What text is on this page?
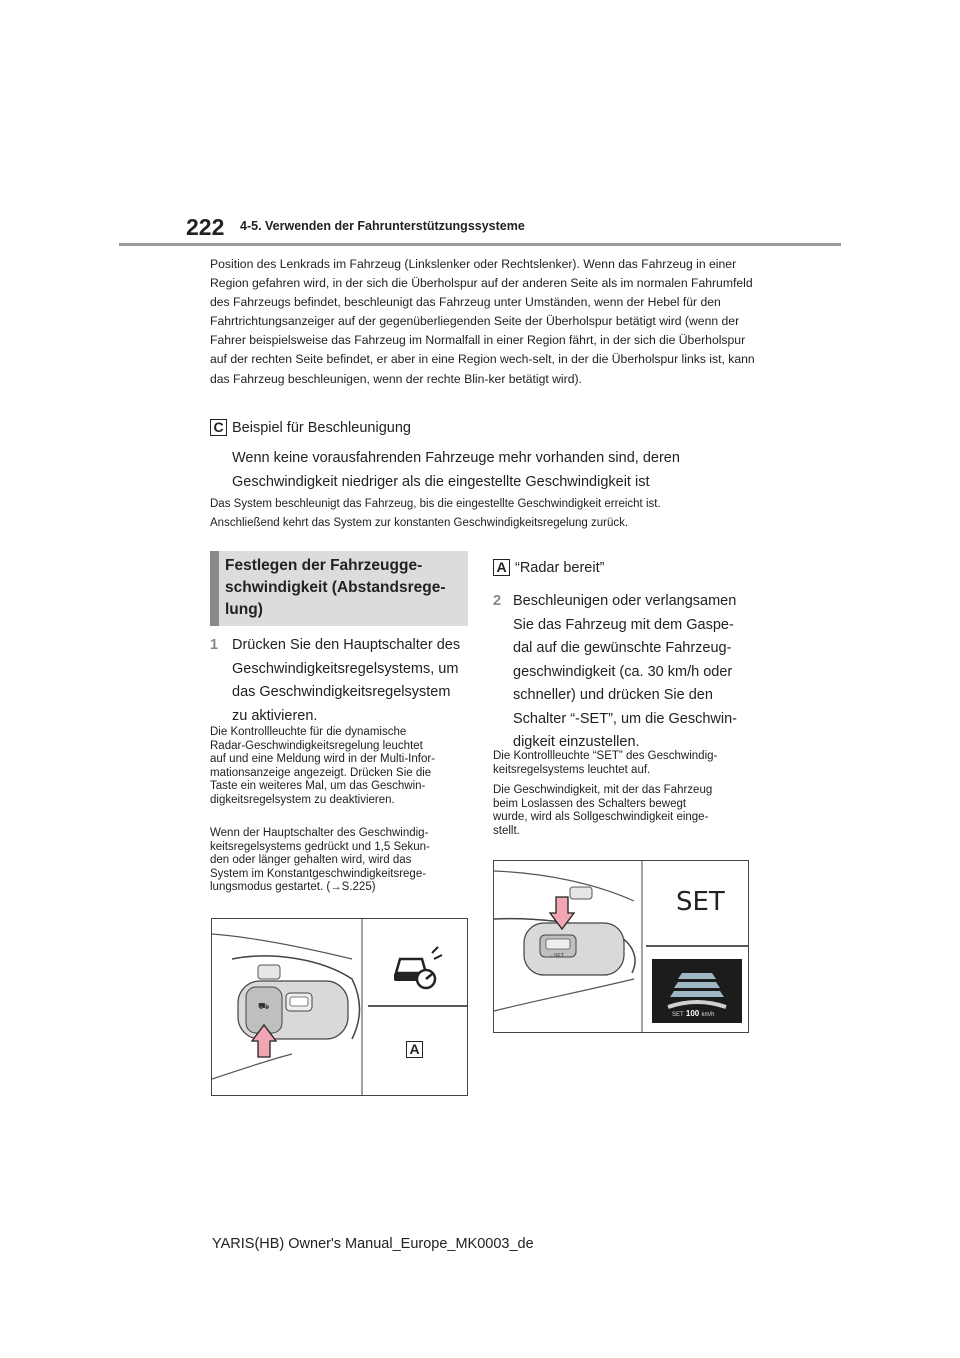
222 4-5. Verwenden der Fahrunterstützungssysteme
Position des Lenkrads im Fahrzeug (Linkslenker oder Rechtslenker). Wenn das Fahrzeug in einer Region gefahren wird, in der sich die Überholspur auf der anderen Seite als im normalen Fahrumfeld des Fahrzeugs befindet, beschleunigt das Fahrzeug unter Umständen, wenn der Hebel für den Fahrtrichtungsanzeiger auf der gegenüberliegenden Seite der Überholspur betätigt wird (wenn der Fahrer beispielsweise das Fahrzeug im Normalfall in einer Region fährt, in der sich die Überholspur auf der rechten Seite befindet, er aber in eine Region wech-selt, in der die Überholspur links ist, kann das Fahrzeug beschleunigen, wenn der rechte Blin-ker betätigt wird).
C Beispiel für Beschleunigung
Wenn keine vorausfahrenden Fahrzeuge mehr vorhanden sind, deren
Geschwindigkeit niedriger als die eingestellte Geschwindigkeit ist
Das System beschleunigt das Fahrzeug, bis die eingestellte Geschwindigkeit erreicht ist.
Anschließend kehrt das System zur konstanten Geschwindigkeitsregelung zurück.
Festlegen der Fahrzeugge-
schwindigkeit (Abstandsrege-
lung)
1 Drücken Sie den Hauptschalter des
Geschwindigkeitsregelsystems, um
das Geschwindigkeitsregelsystem
zu aktivieren.
Die Kontrollleuchte für die dynamische
Radar-Geschwindigkeitsregelung leuchtet
auf und eine Meldung wird in der Multi-Infor-
mationsanzeige angezeigt. Drücken Sie die
Taste ein weiteres Mal, um das Geschwin-
digkeitsregelsystem zu deaktivieren.
Wenn der Hauptschalter des Geschwindig-
keitsregelsystems gedrückt und 1,5 Sekun-
den oder länger gehalten wird, wird das
System im Konstantgeschwindigkeitsrege-
lungsmodus gestartet. (→S.225)
⛟
A
A “Radar bereit”
2 Beschleunigen oder verlangsamen
Sie das Fahrzeug mit dem Gaspe-
dal auf die gewünschte Fahrzeug-
geschwindigkeit (ca. 30 km/h oder
schneller) und drücken Sie den
Schalter “-SET”, um die Geschwin-
digkeit einzustellen.
Die Kontrollleuchte “SET” des Geschwindig-
keitsregelsystems leuchtet auf.
Die Geschwindigkeit, mit der das Fahrzeug
beim Loslassen des Schalters bewegt
wurde, wird als Sollgeschwindigkeit einge-
stellt.
SET
- SET
SET 100 km/h
YARIS(HB) Owner's Manual_Europe_MK0003_de
